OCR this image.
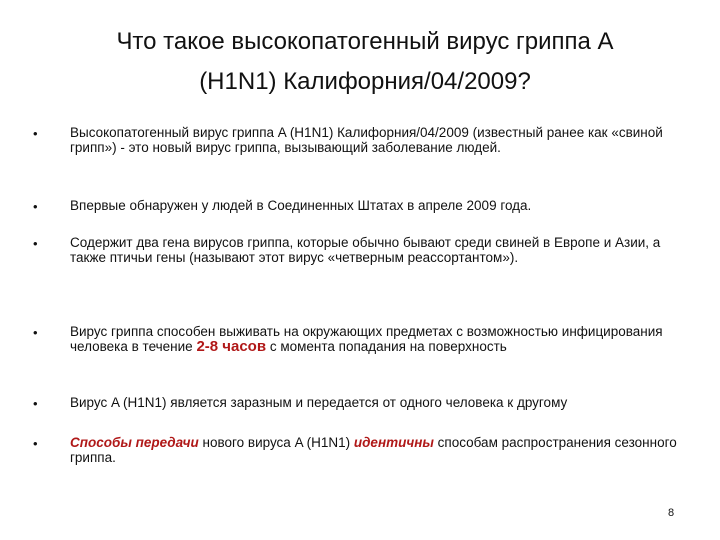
Что такое высокопатогенный вирус гриппа A
(H1N1) Калифорния/04/2009?
• Высокопатогенный вирус гриппа A (H1N1) Калифорния/04/2009 (известный ранее как «свиной грипп») - это новый вирус гриппа, вызывающий заболевание людей.
• Впервые обнаружен у людей в Соединенных Штатах в апреле 2009 года.
• Содержит два гена вирусов гриппа, которые обычно бывают среди свиней в Европе и Азии, а также птичьи гены (называют этот вирус «четверным реассортантом»).
• Вирус гриппа способен выживать на окружающих предметах с возможностью инфицирования человека в течение 2-8 часов с момента попадания на поверхность
• Вирус A (H1N1) является заразным и передается от одного человека к другому
• Способы передачи нового вируса A (H1N1) идентичны способам распространения сезонного гриппа.
8
